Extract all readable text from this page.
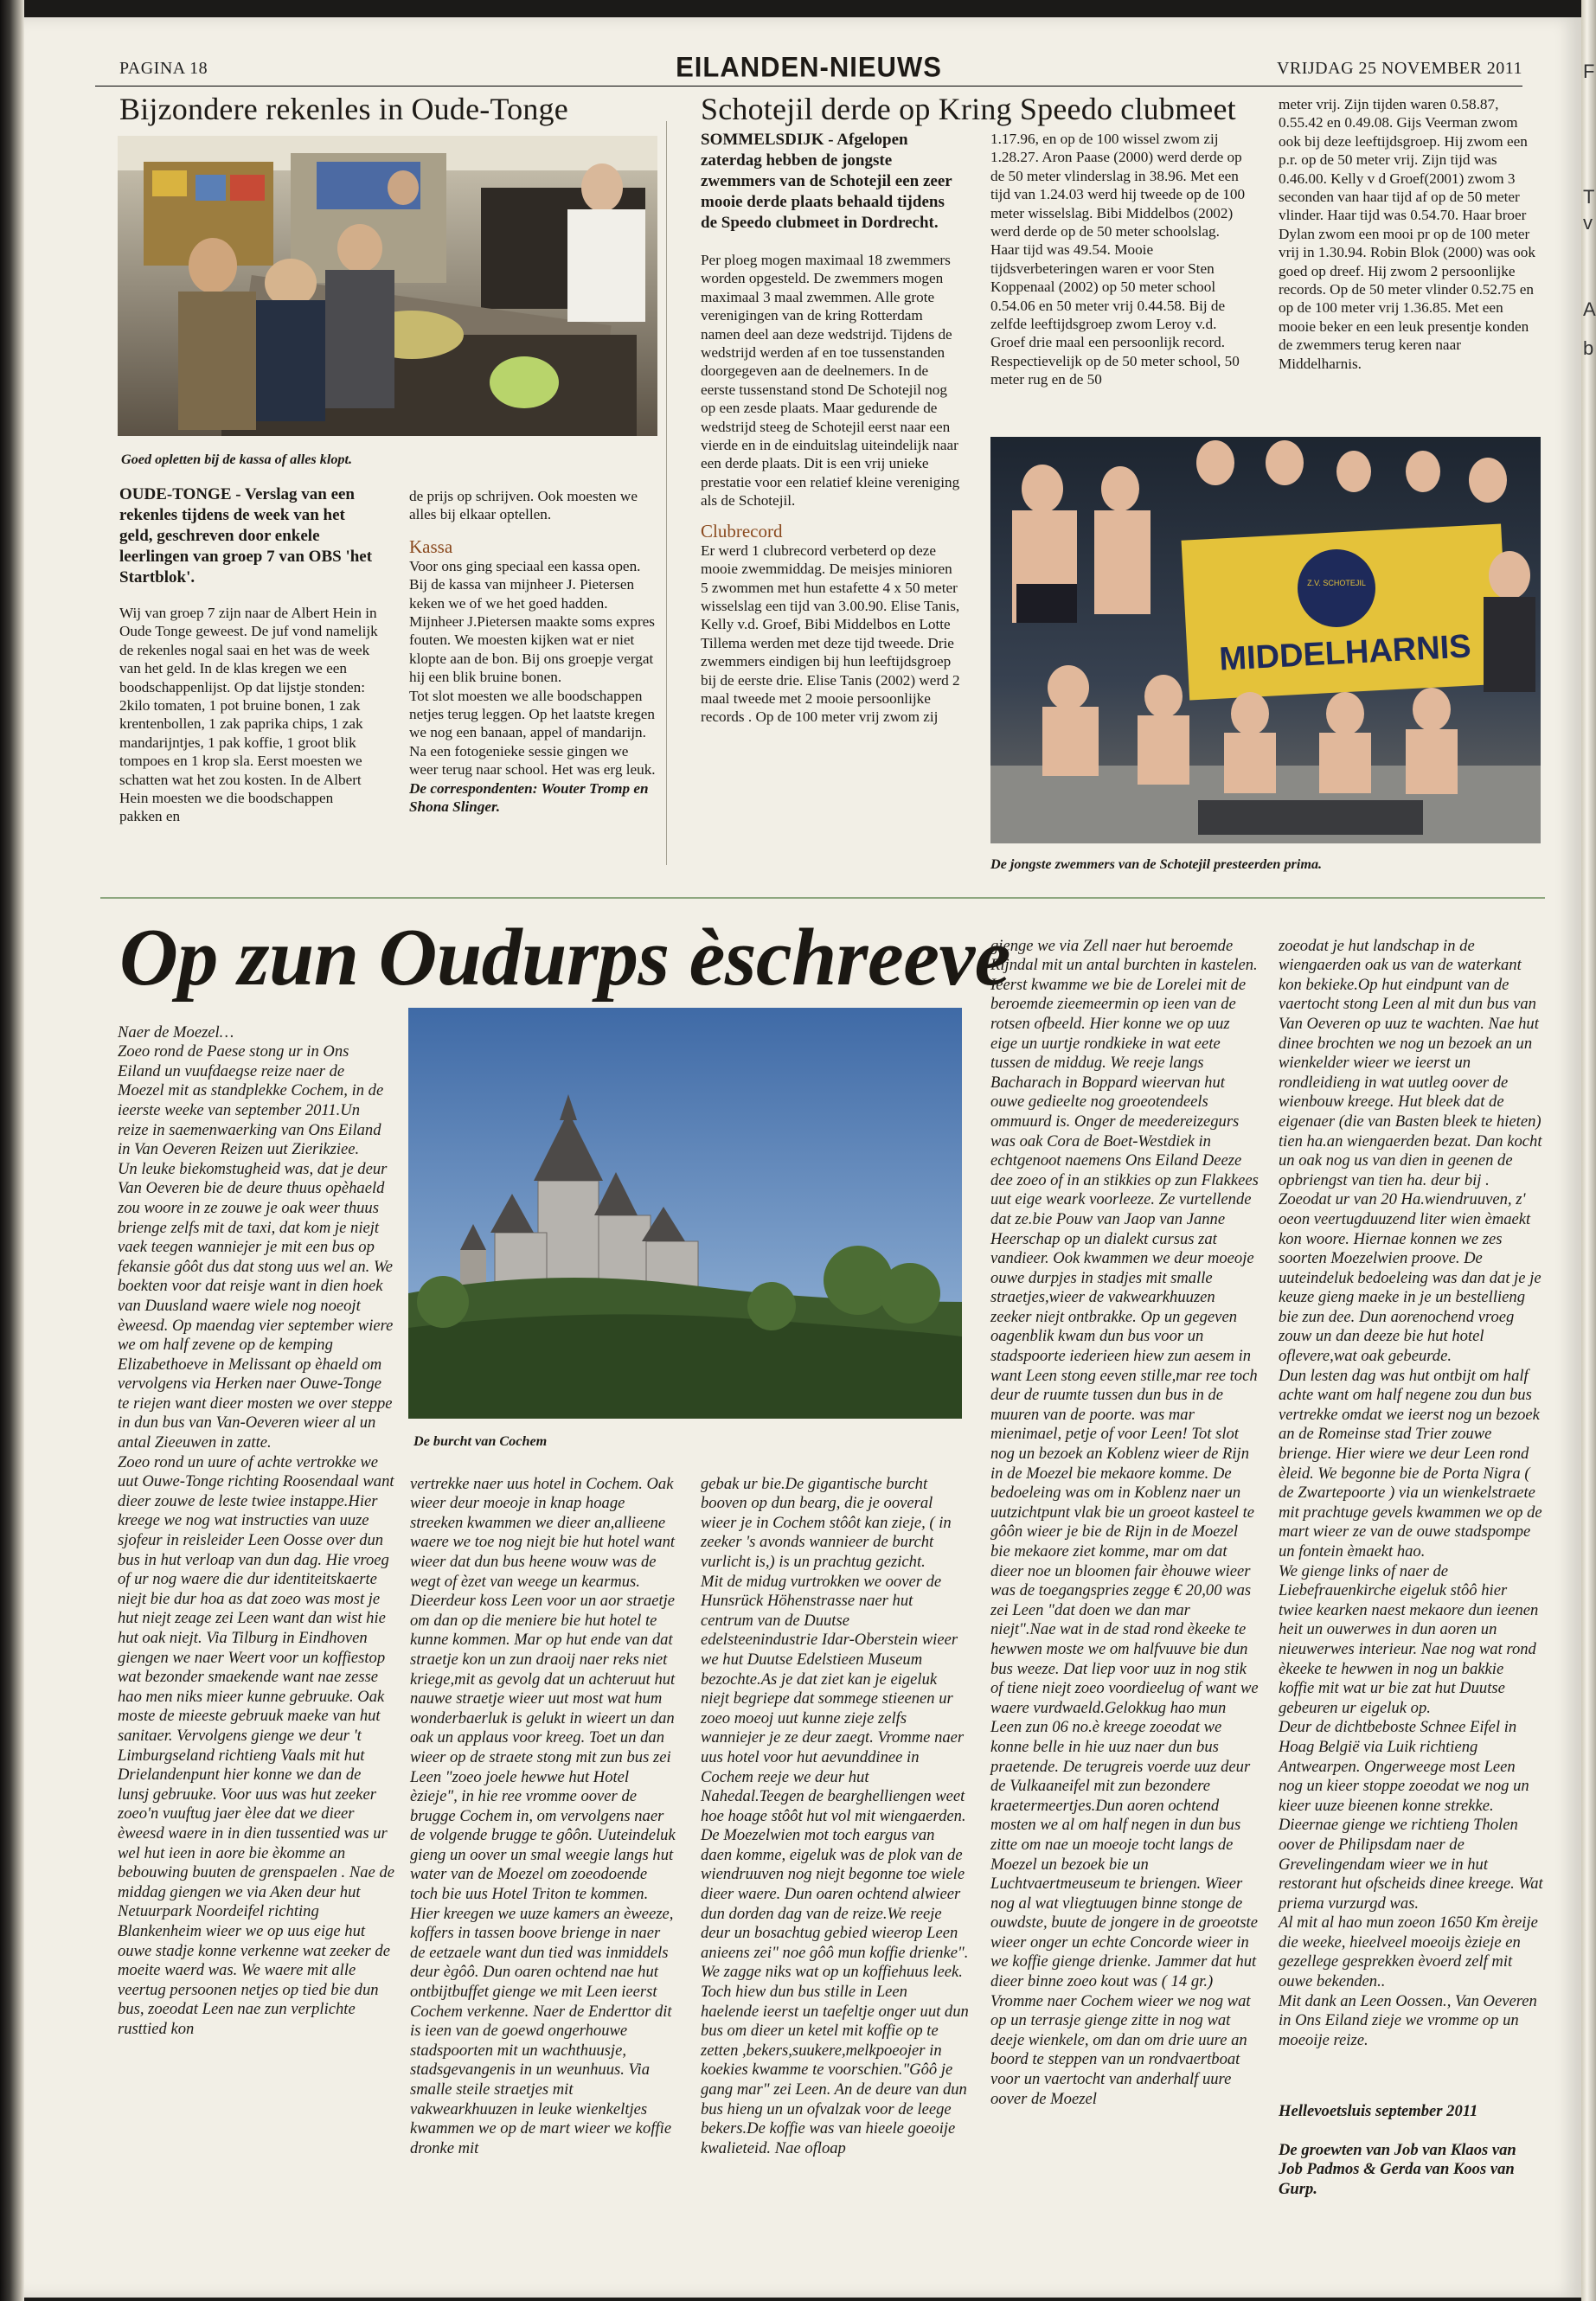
F
T
v
A
b
PAGINA 18	EILANDEN-NIEUWS	VRIJDAG 25 NOVEMBER 2011
Bijzondere rekenles in Oude-Tonge
Goed opletten bij de kassa of alles klopt.

OUDE-TONGE - Verslag van een rekenles tijdens de week van het geld, geschreven door enkele leerlingen van groep 7 van OBS 'het Startblok'.

Wij van groep 7 zijn naar de Albert Hein in Oude Tonge geweest. De juf vond namelijk de rekenles nogal saai en het was de week van het geld. In de klas kregen we een boodschappenlijst. Op dat lijstje stonden: 2kilo tomaten, 1 pot bruine bonen, 1 zak krentenbollen, 1 zak paprika chips, 1 zak mandarijntjes, 1 pak koffie, 1 groot blik tompoes en 1 krop sla. Eerst moesten we schatten wat het zou kosten. In de Albert Hein moesten we die boodschappen pakken en

de prijs op schrijven. Ook moesten we alles bij elkaar optellen.

Kassa

Voor ons ging speciaal een kassa open. Bij de kassa van mijnheer J. Pietersen keken we of we het goed hadden. Mijnheer J.Pietersen maakte soms expres fouten. We moesten kijken wat er niet klopte aan de bon. Bij ons groepje vergat hij een blik bruine bonen.

Tot slot moesten we alle boodschappen netjes terug leggen. Op het laatste kregen we nog een banaan, appel of mandarijn. Na een fotogenieke sessie gingen we weer terug naar school. Het was erg leuk.

De correspondenten: Wouter Tromp en Shona Slinger.

Schotejil derde op Kring Speedo clubmeet

SOMMELSDIJK - Afgelopen zaterdag hebben de jongste zwemmers van de Schotejil een zeer mooie derde plaats behaald tijdens de Speedo clubmeet in Dordrecht.

Per ploeg mogen maximaal 18 zwemmers worden opgesteld. De zwemmers mogen maximaal 3 maal zwemmen. Alle grote verenigingen van de kring Rotterdam namen deel aan deze wedstrijd. Tijdens de wedstrijd werden af en toe tussenstanden doorgegeven aan de deelnemers. In de eerste tussenstand stond De Schotejil nog op een zesde plaats. Maar gedurende de wedstrijd steeg de Schotejil eerst naar een vierde en in de einduitslag uiteindelijk naar een derde plaats. Dit is een vrij unieke prestatie voor een relatief kleine vereniging als de Schotejil.

Clubrecord

Er werd 1 clubrecord verbeterd op deze mooie zwemmiddag. De meisjes minioren 5 zwommen met hun estafette 4 x 50 meter wisselslag een tijd van 3.00.90. Elise Tanis, Kelly v.d. Groef, Bibi Middelbos en Lotte Tillema werden met deze tijd tweede. Drie zwemmers eindigen bij hun leeftijdsgroep bij de eerste drie. Elise Tanis (2002) werd 2 maal tweede met 2 mooie persoonlijke records . Op de 100 meter vrij zwom zij

1.17.96, en op de 100 wissel zwom zij 1.28.27. Aron Paase (2000) werd derde op de 50 meter vlinderslag in 38.96. Met een tijd van 1.24.03 werd hij tweede op de 100 meter wisselslag. Bibi Middelbos (2002) werd derde op de 50 meter schoolslag. Haar tijd was 49.54. Mooie tijdsverbeteringen waren er voor Sten Koppenaal (2002) op 50 meter school 0.54.06 en 50 meter vrij 0.44.58. Bij de zelfde leeftijdsgroep zwom Leroy v.d. Groef drie maal een persoonlijk record. Respectievelijk op de 50 meter school, 50 meter rug en de 50

meter vrij. Zijn tijden waren 0.58.87, 0.55.42 en 0.49.08. Gijs Veerman zwom ook bij deze leeftijdsgroep. Hij zwom een p.r. op de 50 meter vrij. Zijn tijd was 0.46.00. Kelly v d Groef(2001) zwom 3 seconden van haar tijd af op de 50 meter vlinder. Haar tijd was 0.54.70. Haar broer Dylan zwom een mooi pr op de 100 meter vrij in 1.30.94. Robin Blok (2000) was ook goed op dreef. Hij zwom 2 persoonlijke records. Op de 50 meter vlinder 0.52.75 en op de 100 meter vrij 1.36.85. Met een mooie beker en een leuk presentje konden de zwemmers terug keren naar Middelharnis.

Z.V. SCHOTEJIL
MIDDELHARNIS
De jongste zwemmers van de Schotejil presteerden prima.
Op zun Oudurps èschreeve

Naer de Moezel…
Zoeo rond de Paese stong ur in Ons Eiland un vuufdaegse reize naer de Moezel mit as standplekke Cochem, in de ieerste weeke van september 2011.Un reize in saemenwaerking van Ons Eiland in Van Oeveren Reizen uut Zierikziee.
Un leuke biekomstugheid was, dat je deur Van Oeveren bie de deure thuus opèhaeld zou woore in ze zouwe je oak weer thuus brienge zelfs mit de taxi, dat kom je niejt vaek teegen wanniejer je mit een bus op fekansie gôôt dus dat stong uus wel an. We boekten voor dat reisje want in dien hoek van Duusland waere wiele nog noeojt èweesd. Op maendag vier september wiere we om half zevene op de kemping Elizabethoeve in Melissant op èhaeld om vervolgens via Herken naer Ouwe-Tonge te riejen want dieer mosten we over steppe in dun bus van Van-Oeveren wieer al un antal Zieeuwen in zatte.
Zoeo rond un uure of achte vertrokke we uut Ouwe-Tonge richting Roosendaal want dieer zouwe de leste twiee instappe.Hier kreege we nog wat instructies van uuze sjofeur in reisleider Leen Oosse over dun bus in hut verloap van dun dag. Hie vroeg of ur nog waere die dur identiteitskaerte niejt bie dur hoa as dat zoeo was most je hut niejt zeage zei Leen want dan wist hie hut oak niejt. Via Tilburg in Eindhoven giengen we naer Weert voor un koffiestop wat bezonder smaekende want nae zesse hao men niks mieer kunne gebruuke. Oak moste de mieeste gebruuk maeke van hut sanitaer. Vervolgens gienge we deur 't Limburgseland richtieng Vaals mit hut Drielandenpunt hier konne we dan de lunsj gebruuke. Voor uus was hut zeeker zoeo'n vuuftug jaer èlee dat we dieer èweesd waere in in dien tussentied was ur wel hut ieen in aore bie èkomme an bebouwing buuten de grenspaelen . Nae de middag giengen we via Aken deur hut Netuurpark Noordeifel richting Blankenheim wieer we op uus eige hut ouwe stadje konne verkenne wat zeeker de moeite waerd was. We waere mit alle veertug persoonen netjes op tied bie dun bus, zoeodat Leen nae zun verplichte rusttied kon

De burcht van Cochem

vertrekke naer uus hotel in Cochem. Oak wieer deur moeoje in knap hoage streeken kwammen we dieer an,allieene waere we toe nog niejt bie hut hotel want wieer dat dun bus heene wouw was de wegt of èzet van weege un kearmus.
Dieerdeur koss Leen voor un aor straetje om dan op die meniere bie hut hotel te kunne kommen. Mar op hut ende van dat straetje kon un zun draoij naer reks niet kriege,mit as gevolg dat un achteruut hut nauwe straetje wieer uut most wat hum wonderbaerluk is gelukt in wieert un dan oak un applaus voor kreeg. Toet un dan wieer op de straete stong mit zun bus zei Leen "zoeo joele hewwe hut Hotel èzieje", in hie ree vromme oover de brugge Cochem in, om vervolgens naer de volgende brugge te gôôn. Uuteindeluk gieng un oover un smal weegie langs hut water van de Moezel om zoeodoende toch bie uus Hotel Triton te kommen. Hier kreegen we uuze kamers an èweeze, koffers in tassen boove brienge in naer de eetzaele want dun tied was inmiddels deur ègôô. Dun oaren ochtend nae hut ontbijtbuffet gienge we mit Leen ieerst Cochem verkenne. Naer de Enderttor dit is ieen van de goewd ongerhouwe stadspoorten mit un wachthuusje, stadsgevangenis in un weunhuus. Via smalle steile straetjes mit vakwearkhuuzen in leuke wienkeltjes kwammen we op de mart wieer we koffie dronke mit

gebak ur bie.De gigantische burcht booven op dun bearg, die je ooveral wieer je in Cochem stôôt kan zieje, ( in zeeker 's avonds wannieer de burcht vurlicht is,) is un prachtug gezicht.
Mit de midug vurtrokken we oover de Hunsrück Höhenstrasse naer hut centrum van de Duutse edelsteenindustrie Idar-Oberstein wieer we hut Duutse Edelstieen Museum bezochte.As je dat ziet kan je eigeluk niejt begriepe dat sommege stieenen ur zoeo moeoj uut kunne zieje zelfs wanniejer je ze deur zaegt. Vromme naer uus hotel voor hut aevunddinee in Cochem reeje we deur hut Nahedal.Teegen de bearghelliengen weet hoe hoage stôôt hut vol mit wiengaerden. De Moezelwien mot toch eargus van daen komme, eigeluk was de plok van de wiendruuven nog niejt begonne toe wiele dieer waere. Dun oaren ochtend alwieer dun dorden dag van de reize.We reeje deur un bosachtug gebied wieerop Leen anieens zei" noe gôô mun koffie drienke". We zagge niks wat op un koffiehuus leek. Toch hiew dun bus stille in Leen haelende ieerst un taefeltje onger uut dun bus om dieer un ketel mit koffie op te zetten ,bekers,suukere,melkpoeojer in koekies kwamme te voorschien."Gôô je gang mar" zei Leen. An de deure van dun bus hieng un un ofvalzak voor de leege bekers.De koffie was van hieele goeoije kwalieteid. Nae ofloap

gienge we via Zell naer hut beroemde Rijndal mit un antal burchten in kastelen. Ieerst kwamme we bie de Lorelei mit de beroemde zieemeermin op ieen van de rotsen ofbeeld. Hier konne we op uuz eige un uurtje rondkieke in wat eete tussen de middug. We reeje langs Bacharach in Boppard wieervan hut ouwe gedieelte nog groeotendeels ommuurd is. Onger de meedereizegurs was oak Cora de Boet-Westdiek in echtgenoot naemens Ons Eiland Deeze dee zoeo of in an stikkies op zun Flakkees uut eige weark voorleeze. Ze vurtellende dat ze.bie Pouw van Jaop van Janne Heerschap op un dialekt cursus zat vandieer. Ook kwammen we deur moeoje ouwe durpjes in stadjes mit smalle straetjes,wieer de vakwearkhuuzen zeeker niejt ontbrakke. Op un gegeven oagenblik kwam dun bus voor un stadspoorte iederieen hiew zun aesem in want Leen stong eeven stille,mar ree toch deur de ruumte tussen dun bus in de muuren van de poorte. was mar mienimael, petje of voor Leen! Tot slot nog un bezoek an Koblenz wieer de Rijn in de Moezel bie mekaore komme. De bedoeleing was om in Koblenz naer un uutzichtpunt vlak bie un groeot kasteel te gôôn wieer je bie de Rijn in de Moezel bie mekaore ziet komme, mar om dat dieer noe un bloomen fair èhouwe wieer was de toegangspries zegge € 20,00 was zei Leen "dat doen we dan mar niejt".Nae wat in de stad rond èkeeke te hewwen moste we om halfvuuve bie dun bus weeze. Dat liep voor uuz in nog stik of tiene niejt zoeo voordieelug of want we waere vurdwaeld.Gelokkug hao mun Leen zun 06 no.è kreege zoeodat we konne belle in hie uuz naer dun bus praetende. De terugreis voerde uuz deur de Vulkaaneifel mit zun bezondere kraetermeertjes.Dun aoren ochtend mosten we al om half negen in dun bus zitte om nae un moeoje tocht langs de Moezel un bezoek bie un Luchtvaertmeuseum te briengen. Wieer nog al wat vliegtuugen binne stonge de ouwdste, buute de jongere in de groeotste wieer onger un echte Concorde wieer in we koffie gienge drienke. Jammer dat hut dieer binne zoeo kout was ( 14 gr.)
Vromme naer Cochem wieer we nog wat op un terrasje gienge zitte in nog wat deeje wienkele, om dan om drie uure an boord te steppen van un rondvaertboat voor un vaertocht van anderhalf uure oover de Moezel

zoeodat je hut landschap in de wiengaerden oak us van de waterkant kon bekieke.Op hut eindpunt van de vaertocht stong Leen al mit dun bus van Van Oeveren op uuz te wachten. Nae hut dinee brochten we nog un bezoek an un wienkelder wieer we ieerst un rondleidieng in wat uutleg oover de wienbouw kreege. Hut bleek dat de eigenaer (die van Basten bleek te hieten) tien ha.an wiengaerden bezat. Dan kocht un oak nog us van dien in geenen de opbriengst van tien ha. deur bij . Zoeodat ur van 20 Ha.wiendruuven, z' oeon veertugduuzend liter wien èmaekt kon woore. Hiernae konnen we zes soorten Moezelwien proove. De uuteindeluk bedoeleing was dan dat je je keuze gieng maeke in je un bestellieng bie zun dee. Dun aorenochend vroeg zouw un dan deeze bie hut hotel oflevere,wat oak gebeurde.
Dun lesten dag was hut ontbijt om half achte want om half negene zou dun bus vertrekke omdat we ieerst nog un bezoek an de Romeinse stad Trier zouwe brienge. Hier wiere we deur Leen rond èleid. We begonne bie de Porta Nigra ( de Zwartepoorte ) via un wienkelstraete mit prachtuge gevels kwammen we op de mart wieer ze van de ouwe stadspompe un fontein èmaekt hao.
We gienge links of naer de Liebefrauenkirche eigeluk stôô hier twiee kearken naest mekaore dun ieenen heit un ouwerwes in dun aoren un nieuwerwes interieur. Nae nog wat rond èkeeke te hewwen in nog un bakkie koffie mit wat ur bie zat hut Duutse gebeuren ur eigeluk op.
Deur de dichtbeboste Schnee Eifel in Hoag België via Luik richtieng Antwearpen. Ongerweege most Leen nog un kieer stoppe zoeodat we nog un kieer uuze bieenen konne strekke. Dieernae gienge we richtieng Tholen oover de Philipsdam naer de Grevelingendam wieer we in hut restorant hut ofscheids dinee kreege. Wat priema vurzurgd was.
Al mit al hao mun zoeon 1650 Km èreije die weeke, hieelveel moeoijs èzieje en gezellege gesprekken èvoerd zelf mit ouwe bekenden..
Mit dank an Leen Oossen., Van Oeveren in Ons Eiland zieje we vromme op un moeoije reize.

Hellevoetsluis september 2011

De groewten van Job van Klaos van Job Padmos & Gerda van Koos van Gurp.
